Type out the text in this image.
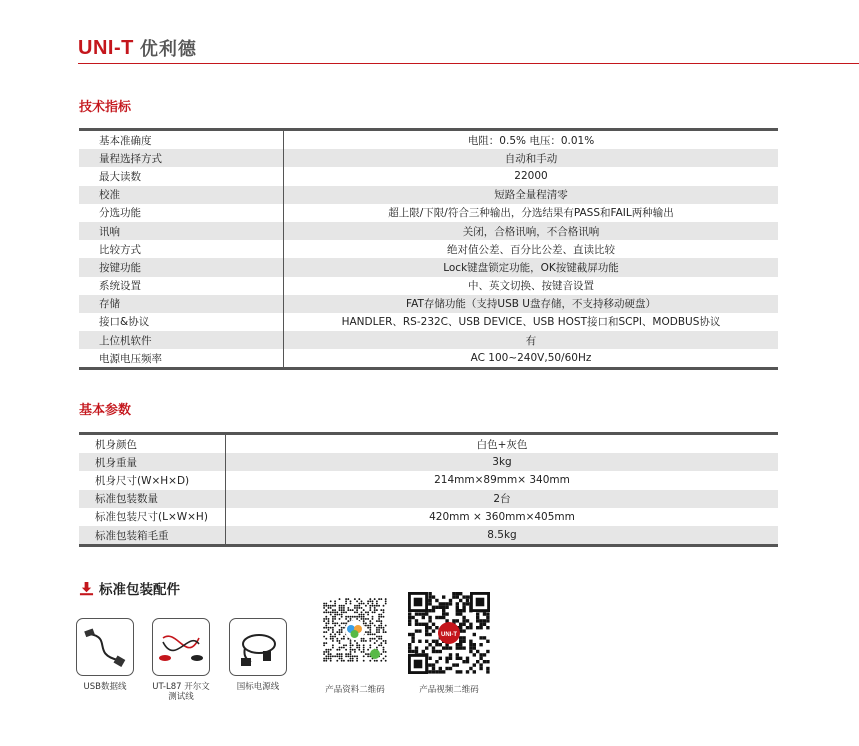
UNI-T 优利德
技术指标
基本准确度	电阻：0.5% 电压：0.01%
量程选择方式	自动和手动
最大读数	22000
校准	短路全量程清零
分选功能	超上限/下限/符合三种输出，分选结果有PASS和FAIL两种输出
讯响	关闭，合格讯响，不合格讯响
比较方式	绝对值公差、百分比公差、直读比较
按键功能	Lock键盘锁定功能，OK按键截屏功能
系统设置	中、英文切换、按键音设置
存储	FAT存储功能（支持USB U盘存储，不支持移动硬盘）
接口&协议	HANDLER、RS-232C、USB DEVICE、USB HOST接口和SCPI、MODBUS协议
上位机软件	有
电源电压频率	AC 100~240V,50/60Hz
基本参数
机身颜色	白色+灰色
机身重量	3kg
机身尺寸(W×H×D)	214mm×89mm× 340mm
标准包装数量	2台
标准包装尺寸(L×W×H)	420mm × 360mm×405mm
标准包装箱毛重	8.5kg
标准包装配件
USB数据线	UT-L87 开尔文
测试线
国标电源线	产品资料二维码
UNI-T
产品视频二维码
